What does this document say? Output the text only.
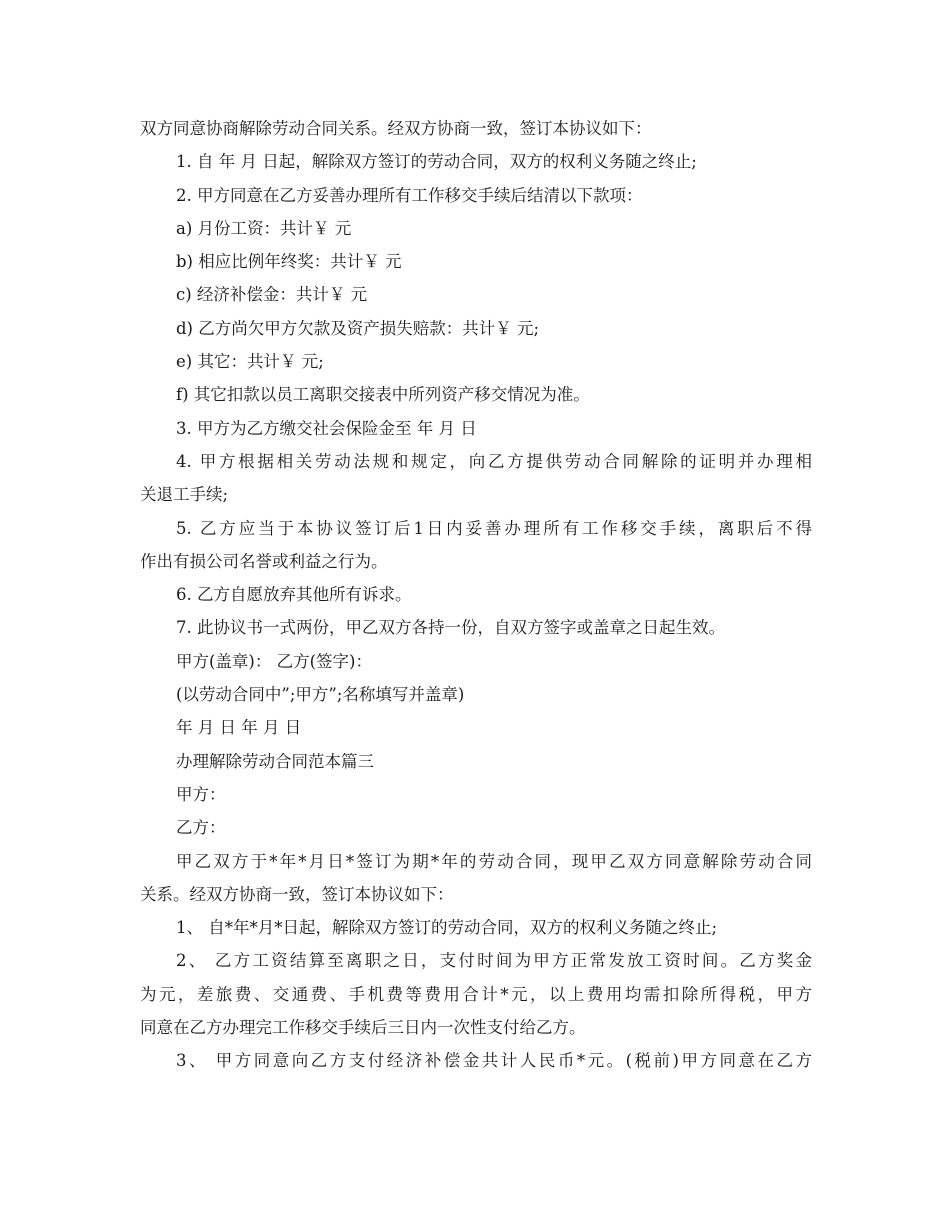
双方同意协商解除劳动合同关系。经双方协商一致，签订本协议如下：
1. 自 年 月 日起，解除双方签订的劳动合同，双方的权利义务随之终止;
2. 甲方同意在乙方妥善办理所有工作移交手续后结清以下款项：
a) 月份工资：共计￥ 元
b) 相应比例年终奖：共计￥ 元
c) 经济补偿金：共计￥ 元
d) 乙方尚欠甲方欠款及资产损失赔款：共计￥ 元;
e) 其它：共计￥ 元;
f) 其它扣款以员工离职交接表中所列资产移交情况为准。
3. 甲方为乙方缴交社会保险金至 年 月 日
4. 甲方根据相关劳动法规和规定，向乙方提供劳动合同解除的证明并办理相
关退工手续;
5. 乙方应当于本协议签订后1日内妥善办理所有工作移交手续，离职后不得
作出有损公司名誉或利益之行为。
6. 乙方自愿放弃其他所有诉求。
7. 此协议书一式两份，甲乙双方各持一份，自双方签字或盖章之日起生效。
甲方(盖章)： 乙方(签字)：
(以劳动合同中”;甲方”;名称填写并盖章)
年 月 日 年 月 日
办理解除劳动合同范本篇三
甲方：
乙方：
甲乙双方于*年*月日*签订为期*年的劳动合同，现甲乙双方同意解除劳动合同
关系。经双方协商一致，签订本协议如下：
1、 自*年*月*日起，解除双方签订的劳动合同，双方的权利义务随之终止;
2、 乙方工资结算至离职之日，支付时间为甲方正常发放工资时间。乙方奖金
为元，差旅费、交通费、手机费等费用合计*元，以上费用均需扣除所得税，甲方
同意在乙方办理完工作移交手续后三日内一次性支付给乙方。
3、 甲方同意向乙方支付经济补偿金共计人民币*元。(税前)甲方同意在乙方
